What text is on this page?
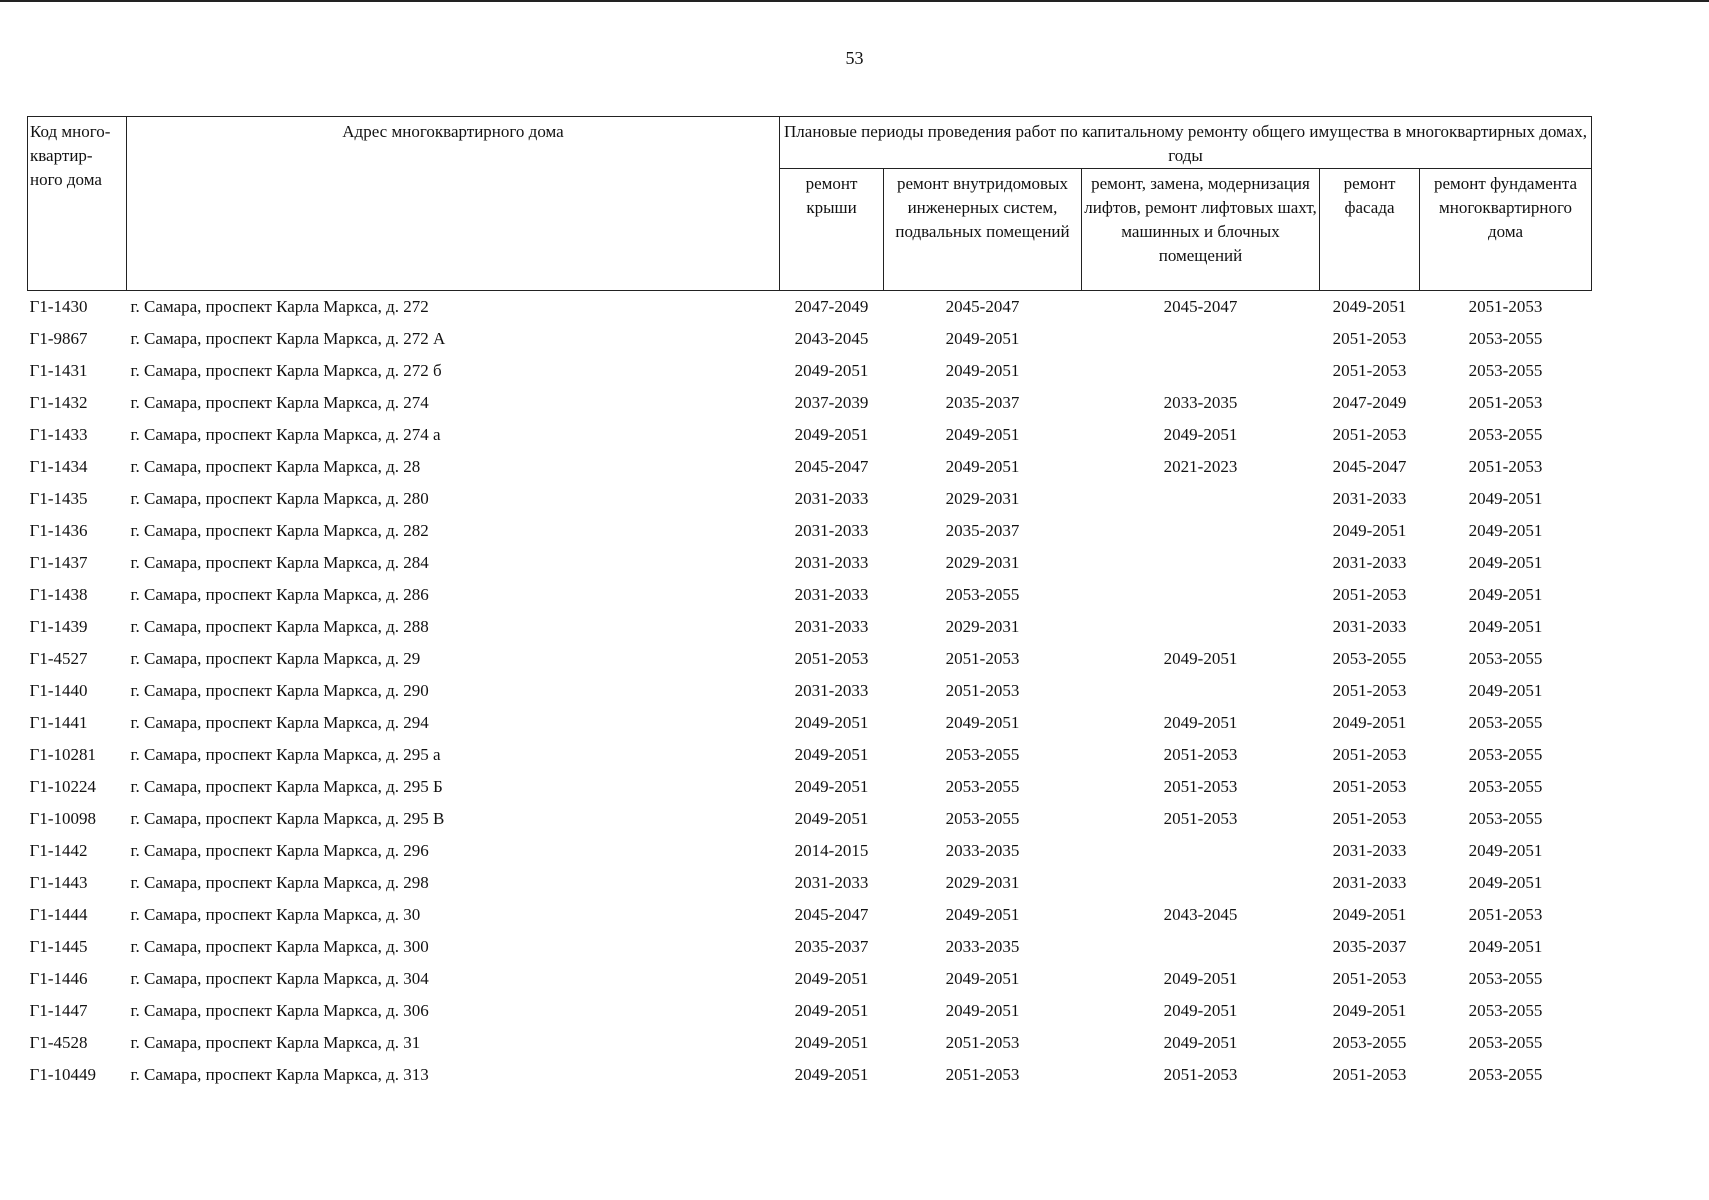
53
Код много-квартир-ного дома	Адрес многоквартирного дома	Плановые периоды проведения работ по капитальному ремонту общего имущества в многоквартирных домах, годы				
		ремонт крыши	ремонт внутридомовых инженерных систем, подвальных помещений	ремонт, замена, модернизация лифтов, ремонт лифтовых шахт, машинных и блочных помещений	ремонт фасада	ремонт фундамента многоквартирного дома
Г1-1430	г. Самара, проспект Карла Маркса, д. 272	2047-2049	2045-2047	2045-2047	2049-2051	2051-2053
Г1-9867	г. Самара, проспект Карла Маркса, д. 272 А	2043-2045	2049-2051		2051-2053	2053-2055
Г1-1431	г. Самара, проспект Карла Маркса, д. 272 б	2049-2051	2049-2051		2051-2053	2053-2055
Г1-1432	г. Самара, проспект Карла Маркса, д. 274	2037-2039	2035-2037	2033-2035	2047-2049	2051-2053
Г1-1433	г. Самара, проспект Карла Маркса, д. 274 а	2049-2051	2049-2051	2049-2051	2051-2053	2053-2055
Г1-1434	г. Самара, проспект Карла Маркса, д. 28	2045-2047	2049-2051	2021-2023	2045-2047	2051-2053
Г1-1435	г. Самара, проспект Карла Маркса, д. 280	2031-2033	2029-2031		2031-2033	2049-2051
Г1-1436	г. Самара, проспект Карла Маркса, д. 282	2031-2033	2035-2037		2049-2051	2049-2051
Г1-1437	г. Самара, проспект Карла Маркса, д. 284	2031-2033	2029-2031		2031-2033	2049-2051
Г1-1438	г. Самара, проспект Карла Маркса, д. 286	2031-2033	2053-2055		2051-2053	2049-2051
Г1-1439	г. Самара, проспект Карла Маркса, д. 288	2031-2033	2029-2031		2031-2033	2049-2051
Г1-4527	г. Самара, проспект Карла Маркса, д. 29	2051-2053	2051-2053	2049-2051	2053-2055	2053-2055
Г1-1440	г. Самара, проспект Карла Маркса, д. 290	2031-2033	2051-2053		2051-2053	2049-2051
Г1-1441	г. Самара, проспект Карла Маркса, д. 294	2049-2051	2049-2051	2049-2051	2049-2051	2053-2055
Г1-10281	г. Самара, проспект Карла Маркса, д. 295 а	2049-2051	2053-2055	2051-2053	2051-2053	2053-2055
Г1-10224	г. Самара, проспект Карла Маркса, д. 295 Б	2049-2051	2053-2055	2051-2053	2051-2053	2053-2055
Г1-10098	г. Самара, проспект Карла Маркса, д. 295 В	2049-2051	2053-2055	2051-2053	2051-2053	2053-2055
Г1-1442	г. Самара, проспект Карла Маркса, д. 296	2014-2015	2033-2035		2031-2033	2049-2051
Г1-1443	г. Самара, проспект Карла Маркса, д. 298	2031-2033	2029-2031		2031-2033	2049-2051
Г1-1444	г. Самара, проспект Карла Маркса, д. 30	2045-2047	2049-2051	2043-2045	2049-2051	2051-2053
Г1-1445	г. Самара, проспект Карла Маркса, д. 300	2035-2037	2033-2035		2035-2037	2049-2051
Г1-1446	г. Самара, проспект Карла Маркса, д. 304	2049-2051	2049-2051	2049-2051	2051-2053	2053-2055
Г1-1447	г. Самара, проспект Карла Маркса, д. 306	2049-2051	2049-2051	2049-2051	2049-2051	2053-2055
Г1-4528	г. Самара, проспект Карла Маркса, д. 31	2049-2051	2051-2053	2049-2051	2053-2055	2053-2055
Г1-10449	г. Самара, проспект Карла Маркса, д. 313	2049-2051	2051-2053	2051-2053	2051-2053	2053-2055
